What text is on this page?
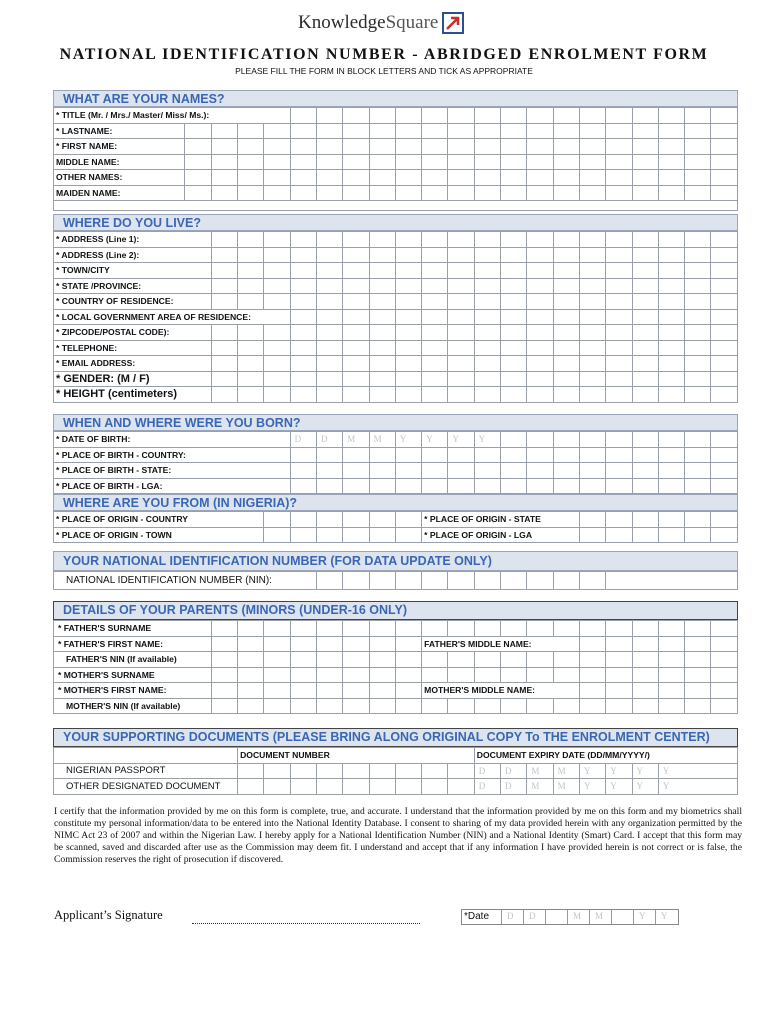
KnowledgeSquare
NATIONAL IDENTIFICATION NUMBER - ABRIDGED ENROLMENT FORM
PLEASE FILL THE FORM IN BLOCK LETTERS AND TICK AS APPROPRIATE
WHAT ARE YOUR NAMES?
* TITLE (Mr. / Mrs./ Master/ Miss/ Ms.):																					
* LASTNAME:																					
* FIRST NAME:																					
MIDDLE NAME:																					
OTHER NAMES:																					
MAIDEN NAME:																					

WHERE DO YOU LIVE?
* ADDRESS (Line 1):																				
* ADDRESS (Line 2):																				
* TOWN/CITY																				
* STATE /PROVINCE:																				
* COUNTRY OF RESIDENCE:																				
* LOCAL GOVERNMENT AREA OF RESIDENCE:																				
* ZIPCODE/POSTAL CODE):																				
* TELEPHONE:																				
* EMAIL ADDRESS:																				
* GENDER: (M / F)																				
* HEIGHT (centimeters)																				
WHEN AND WHERE WERE YOU BORN?
* DATE OF BIRTH:	D	D	M	M	Y	Y	Y	Y									
* PLACE OF BIRTH - COUNTRY:																	
* PLACE OF BIRTH - STATE:																	
* PLACE OF BIRTH - LGA:																	
WHERE ARE YOU FROM (IN NIGERIA)?
* PLACE OF ORIGIN - COUNTRY							* PLACE OF ORIGIN - STATE						
* PLACE OF ORIGIN - TOWN							* PLACE OF ORIGIN - LGA						
YOUR NATIONAL IDENTIFICATION NUMBER (FOR DATA UPDATE ONLY)
NATIONAL IDENTIFICATION NUMBER (NIN):												
DETAILS OF YOUR PARENTS (MINORS (UNDER-16 ONLY)
* FATHER'S SURNAME																				
* FATHER'S FIRST NAME:									FATHER'S MIDDLE NAME:											
FATHER'S NIN (If available)																				
* MOTHER'S SURNAME																				
* MOTHER'S FIRST NAME:									MOTHER'S MIDDLE NAME:											
MOTHER'S NIN (If available)																				
YOUR SUPPORTING DOCUMENTS (PLEASE BRING ALONG ORIGINAL COPY To THE ENROLMENT CENTER)
	DOCUMENT NUMBER									DOCUMENT EXPIRY DATE (DD/MM/YYYY/)							
NIGERIAN PASSPORT										D	D	M	M	Y	Y	Y	Y
OTHER DESIGNATED DOCUMENT										D	D	M	M	Y	Y	Y	Y
I certify that the information provided by me on this form is complete, true, and accurate. I understand that the information provided by me on this form and my biometrics shall constitute my personal information/data to be entered into the National Identity Database. I consent to sharing of my data provided herein with any organization permitted by the NIMC Act 23 of 2007 and within the Nigerian Law. I hereby apply for a National Identification Number (NIN) and a National Identity (Smart) Card. I accept that this form may be scanned, saved and discarded after use as the Commission may deem fit. I understand and accept that if any information I have provided herein is not correct or is false, the Commission reserves the right of prosecution if discovered.
Applicant’s Signature	*Date	D	D	M	M	Y	Y
